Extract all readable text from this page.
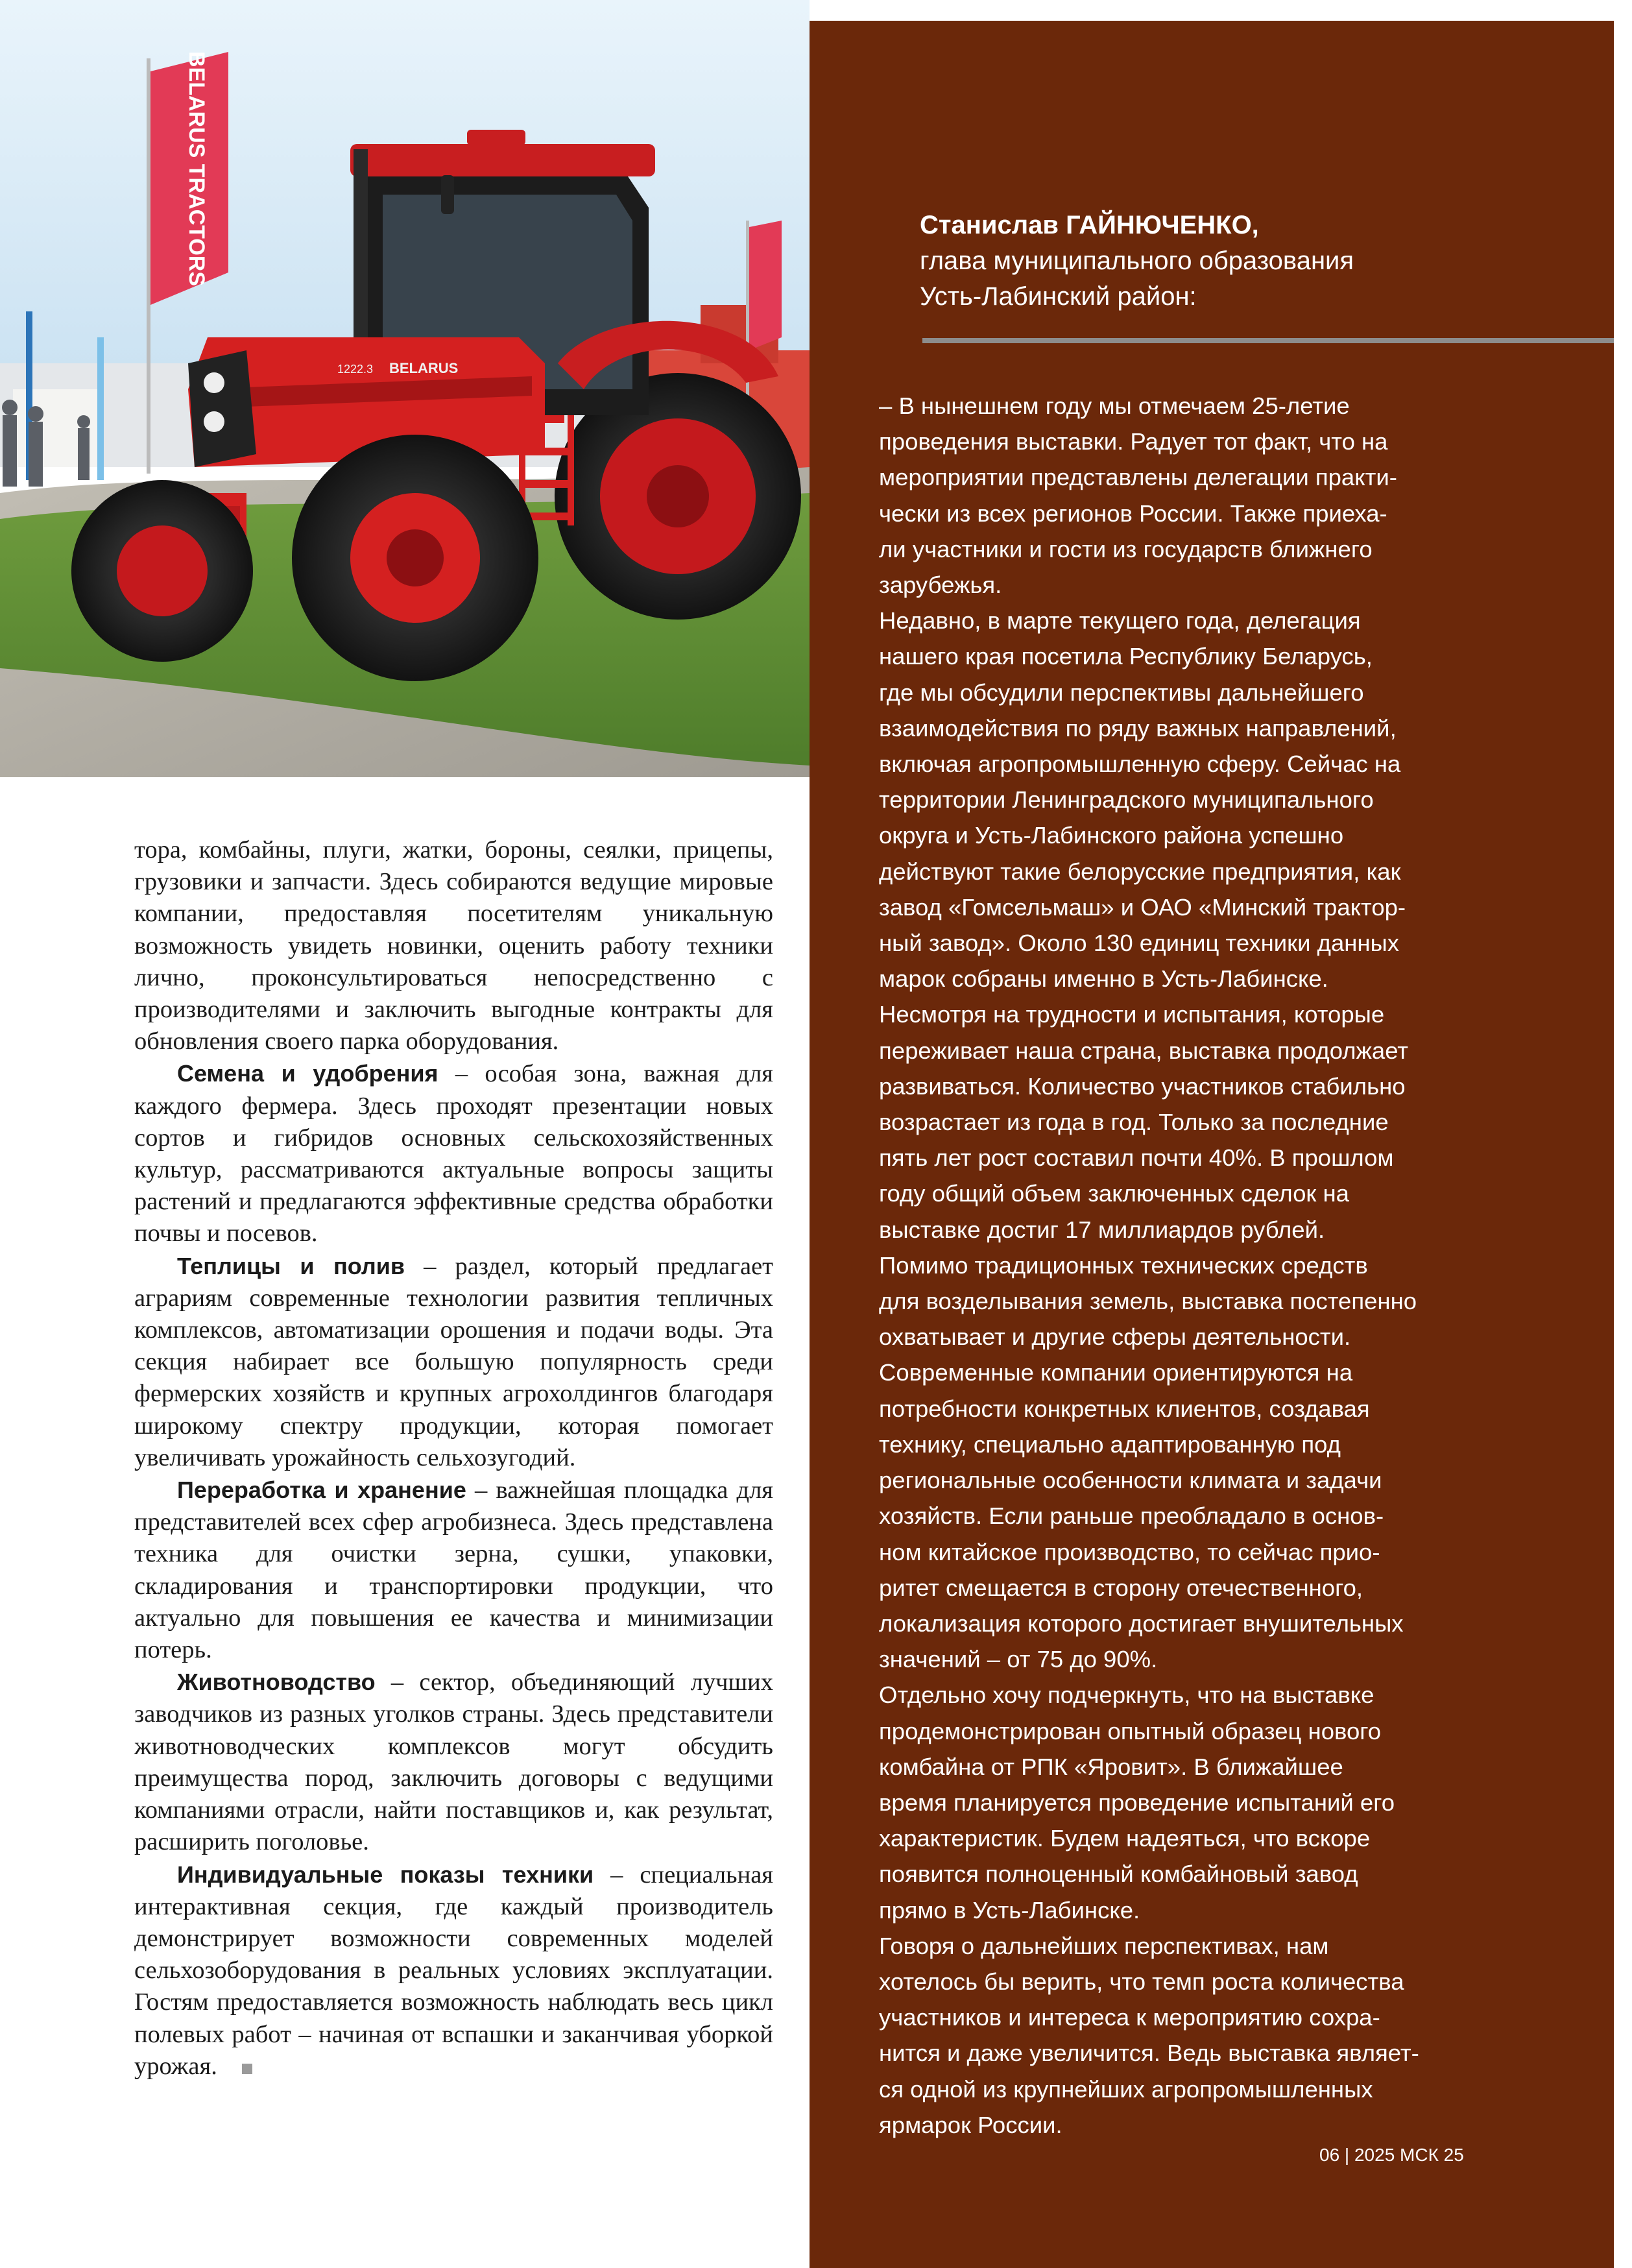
BELARUS TRACTORS
BELARUS
1222.3

тора, комбайны, плуги, жатки, бороны, сеялки, прицепы, грузовики и запчасти. Здесь собираются ведущие мировые компании, предоставляя посетителям уникальную возможность увидеть новинки, оценить работу техники лично, проконсультироваться непосредственно с производителями и заключить выгодные контракты для обновления своего парка оборудования.

Семена и удобрения – особая зона, важная для каждого фермера. Здесь проходят презентации новых сортов и гибридов основных сельскохозяйственных культур, рассматриваются актуальные вопросы защиты растений и предлагаются эффективные средства обработки почвы и посевов.

Теплицы и полив – раздел, который предлагает аграриям современные технологии развития тепличных комплексов, автоматизации орошения и подачи воды. Эта секция набирает все большую популярность среди фермерских хозяйств и крупных агрохолдингов благодаря широкому спектру продукции, которая помогает увеличивать урожайность сельхозугодий.

Переработка и хранение – важнейшая площадка для представителей всех сфер агробизнеса. Здесь представлена техника для очистки зерна, сушки, упаковки, складирования и транспортировки продукции, что актуально для повышения ее качества и минимизации потерь.

Животноводство – сектор, объединяющий лучших заводчиков из разных уголков страны. Здесь представители животноводческих комплексов могут обсудить преимущества пород, заключить договоры с ведущими компаниями отрасли, найти поставщиков и, как результат, расширить поголовье.

Индивидуальные показы техники – специальная интерактивная секция, где каждый производитель демонстрирует возможности современных моделей сельхозоборудования в реальных условиях эксплуатации. Гостям предоставляется возможность наблюдать весь цикл полевых работ – начиная от вспашки и заканчивая уборкой урожая.

Станислав ГАЙНЮЧЕНКО,
глава муниципального образования
Усть-Лабинский район:
– В нынешнем году мы отмечаем 25-летие
проведения выставки. Радует тот факт, что на
мероприятии представлены делегации практи-
чески из всех регионов России. Также приеха-
ли участники и гости из государств ближнего
зарубежья.
Недавно, в марте текущего года, делегация
нашего края посетила Республику Беларусь,
где мы обсудили перспективы дальнейшего
взаимодействия по ряду важных направлений,
включая агропромышленную сферу. Сейчас на
территории Ленинградского муниципального
округа и Усть-Лабинского района успешно
действуют такие белорусские предприятия, как
завод «Гомсельмаш» и ОАО «Минский трактор-
ный завод». Около 130 единиц техники данных
марок собраны именно в Усть-Лабинске.
Несмотря на трудности и испытания, которые
переживает наша страна, выставка продолжает
развиваться. Количество участников стабильно
возрастает из года в год. Только за последние
пять лет рост составил почти 40%. В прошлом
году общий объем заключенных сделок на
выставке достиг 17 миллиардов рублей.
Помимо традиционных технических средств
для возделывания земель, выставка постепенно
охватывает и другие сферы деятельности.
Современные компании ориентируются на
потребности конкретных клиентов, создавая
технику, специально адаптированную под
региональные особенности климата и задачи
хозяйств. Если раньше преобладало в основ-
ном китайское производство, то сейчас прио-
ритет смещается в сторону отечественного,
локализация которого достигает внушительных
значений – от 75 до 90%.
Отдельно хочу подчеркнуть, что на выставке
продемонстрирован опытный образец нового
комбайна от РПК «Яровит». В ближайшее
время планируется проведение испытаний его
характеристик. Будем надеяться, что вскоре
появится полноценный комбайновый завод
прямо в Усть-Лабинске.
Говоря о дальнейших перспективах, нам
хотелось бы верить, что темп роста количества
участников и интереса к мероприятию сохра-
нится и даже увеличится. Ведь выставка являет-
ся одной из крупнейших агропромышленных
ярмарок России.
06 | 2025 МСК 25
